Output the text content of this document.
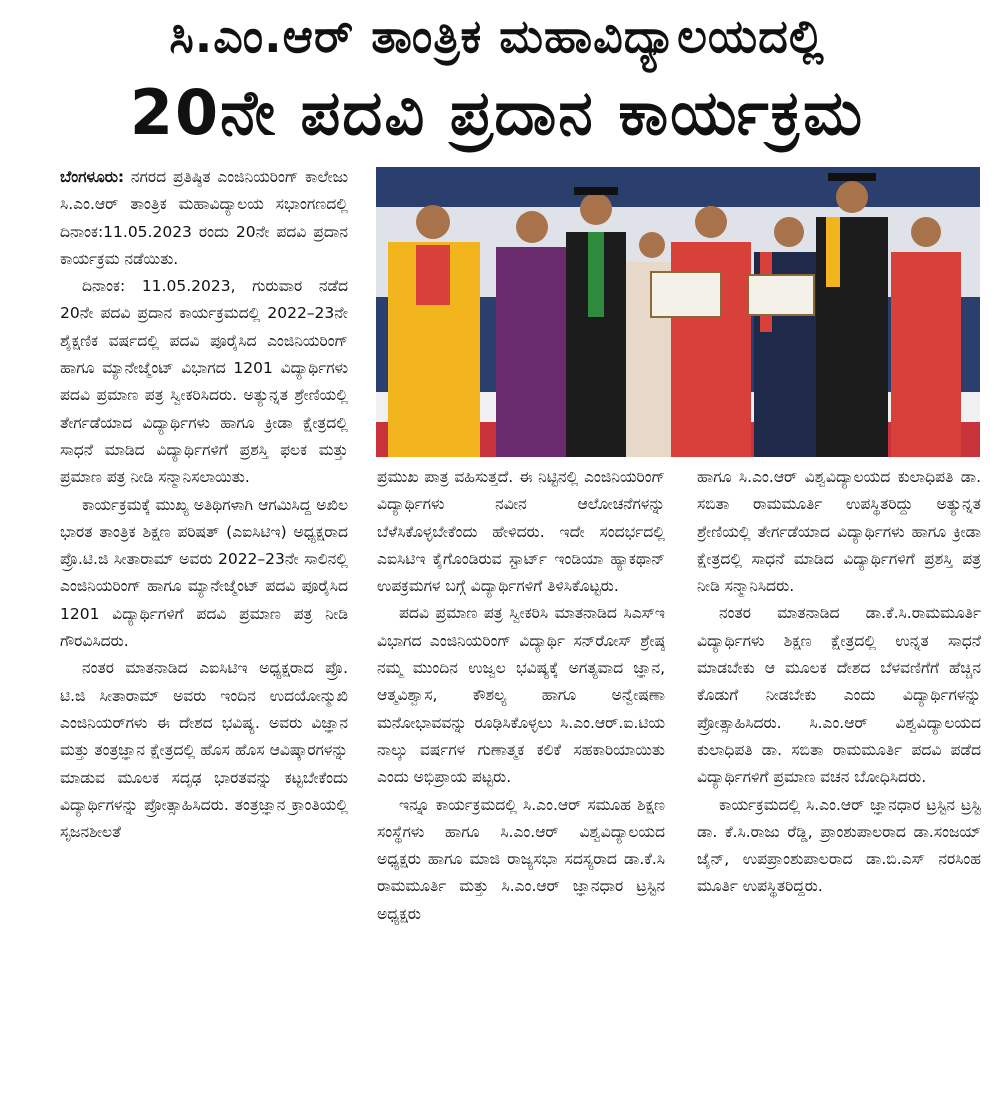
ಸಿ.ಎಂ.ಆರ್ ತಾಂತ್ರಿಕ ಮಹಾವಿದ್ಯಾಲಯದಲ್ಲಿ
20ನೇ ಪದವಿ ಪ್ರದಾನ ಕಾರ್ಯಕ್ರಮ

ಬೆಂಗಳೂರು: ನಗರದ ಪ್ರತಿಷ್ಠಿತ ಎಂಜಿನಿಯರಿಂಗ್ ಕಾಲೇಜು ಸಿ.ಎಂ.ಆರ್ ತಾಂತ್ರಿಕ ಮಹಾವಿದ್ಯಾಲಯ ಸಭಾಂಗಣದಲ್ಲಿ ದಿನಾಂಕ:11.05.2023 ರಂದು 20ನೇ ಪದವಿ ಪ್ರದಾನ ಕಾರ್ಯಕ್ರಮ ನಡೆಯಿತು.

ದಿನಾಂಕ: 11.05.2023, ಗುರುವಾರ ನಡೆದ 20ನೇ ಪದವಿ ಪ್ರದಾನ ಕಾರ್ಯಕ್ರಮದಲ್ಲಿ 2022–23ನೇ ಶೈಕ್ಷಣಿಕ ವರ್ಷದಲ್ಲಿ ಪದವಿ ಪೂರೈಸಿದ ಎಂಜಿನಿಯರಿಂಗ್ ಹಾಗೂ ಮ್ಯಾನೇಜ್ಮೆಂಟ್ ವಿಭಾಗದ 1201 ವಿದ್ಯಾರ್ಥಿಗಳು ಪದವಿ ಪ್ರಮಾಣ ಪತ್ರ ಸ್ವೀಕರಿಸಿದರು. ಅತ್ಯುನ್ನತ ಶ್ರೇಣಿಯಲ್ಲಿ ತೇರ್ಗಡೆಯಾದ ವಿದ್ಯಾರ್ಥಿಗಳು ಹಾಗೂ ಕ್ರೀಡಾ ಕ್ಷೇತ್ರದಲ್ಲಿ ಸಾಧನೆ ಮಾಡಿದ ವಿದ್ಯಾರ್ಥಿಗಳಿಗೆ ಪ್ರಶಸ್ತಿ ಫಲಕ ಮತ್ತು ಪ್ರಮಾಣ ಪತ್ರ ನೀಡಿ ಸನ್ಮಾನಿಸಲಾಯಿತು.

ಕಾರ್ಯಕ್ರಮಕ್ಕೆ ಮುಖ್ಯ ಅತಿಥಿಗಳಾಗಿ ಆಗಮಿಸಿದ್ದ ಅಖಿಲ ಭಾರತ ತಾಂತ್ರಿಕ ಶಿಕ್ಷಣ ಪರಿಷತ್ (ಎಐಸಿಟಿಇ) ಅಧ್ಯಕ್ಷರಾದ ಪ್ರೊ.ಟಿ.ಜಿ ಸೀತಾರಾಮ್ ಅವರು 2022–23ನೇ ಸಾಲಿನಲ್ಲಿ ಎಂಜಿನಿಯರಿಂಗ್ ಹಾಗೂ ಮ್ಯಾನೇಜ್ಮೆಂಟ್ ಪದವಿ ಪೂರೈಸಿದ 1201 ವಿದ್ಯಾರ್ಥಿಗಳಿಗೆ ಪದವಿ ಪ್ರಮಾಣ ಪತ್ರ ನೀಡಿ ಗೌರವಿಸಿದರು.

ನಂತರ ಮಾತನಾಡಿದ ಎಐಸಿಟಿಇ ಅಧ್ಯಕ್ಷರಾದ ಪ್ರೊ. ಟಿ.ಜಿ ಸೀತಾರಾಮ್ ಅವರು ಇಂದಿನ ಉದಯೋನ್ಮುಖಿ ಎಂಜಿನಿಯರ್‌ಗಳು ಈ ದೇಶದ ಭವಿಷ್ಯ. ಅವರು ವಿಜ್ಞಾನ ಮತ್ತು ತಂತ್ರಜ್ಞಾನ ಕ್ಷೇತ್ರದಲ್ಲಿ ಹೊಸ ಹೊಸ ಆವಿಷ್ಕಾರಗಳನ್ನು ಮಾಡುವ ಮೂಲಕ ಸದೃಢ ಭಾರತವನ್ನು ಕಟ್ಟಬೇಕೆಂದು ವಿದ್ಯಾರ್ಥಿಗಳನ್ನು ಪ್ರೋತ್ಸಾಹಿಸಿದರು. ತಂತ್ರಜ್ಞಾನ ಕ್ರಾಂತಿಯಲ್ಲಿ ಸೃಜನಶೀಲತೆ

ಪ್ರಮುಖ ಪಾತ್ರ ವಹಿಸುತ್ತದೆ. ಈ ನಿಟ್ಟಿನಲ್ಲಿ ಎಂಜಿನಿಯರಿಂಗ್ ವಿದ್ಯಾರ್ಥಿಗಳು ನವೀನ ಆಲೋಚನೆಗಳನ್ನು ಬೆಳೆಸಿಕೊಳ್ಳಬೇಕೆಂದು ಹೇಳಿದರು. ಇದೇ ಸಂದರ್ಭದಲ್ಲಿ ಎಐಸಿಟಿಇ ಕೈಗೊಂಡಿರುವ ಸ್ಟಾರ್ಟ್ ಇಂಡಿಯಾ ಹ್ಯಾಕಥಾನ್ ಉಪಕ್ರಮಗಳ ಬಗ್ಗೆ ವಿದ್ಯಾರ್ಥಿಗಳಿಗೆ ತಿಳಿಸಿಕೊಟ್ಟರು.

ಪದವಿ ಪ್ರಮಾಣ ಪತ್ರ ಸ್ವೀಕರಿಸಿ ಮಾತನಾಡಿದ ಸಿಎಸ್ಇ ವಿಭಾಗದ ಎಂಜಿನಿಯರಿಂಗ್ ವಿದ್ಯಾರ್ಥಿ ಸನ್‌ರೋಸ್ ಶ್ರೇಷ್ಠ ನಮ್ಮ ಮುಂದಿನ ಉಜ್ವಲ ಭವಿಷ್ಯಕ್ಕೆ ಅಗತ್ಯವಾದ ಜ್ಞಾನ, ಆತ್ಮವಿಶ್ವಾಸ, ಕೌಶಲ್ಯ ಹಾಗೂ ಅನ್ವೇಷಣಾ ಮನೋಭಾವವನ್ನು ರೂಢಿಸಿಕೊಳ್ಳಲು ಸಿ.ಎಂ.ಆರ್.ಐ.ಟಿಯ ನಾಲ್ಕು ವರ್ಷಗಳ ಗುಣಾತ್ಮಕ ಕಲಿಕೆ ಸಹಕಾರಿಯಾಯಿತು ಎಂದು ಅಭಿಪ್ರಾಯ ಪಟ್ಟರು.

ಇನ್ನೂ ಕಾರ್ಯಕ್ರಮದಲ್ಲಿ ಸಿ.ಎಂ.ಆರ್ ಸಮೂಹ ಶಿಕ್ಷಣ ಸಂಸ್ಥೆಗಳು ಹಾಗೂ ಸಿ.ಎಂ.ಆರ್ ವಿಶ್ವವಿದ್ಯಾಲಯದ ಅಧ್ಯಕ್ಷರು ಹಾಗೂ ಮಾಜಿ ರಾಜ್ಯಸಭಾ ಸದಸ್ಯರಾದ ಡಾ.ಕೆ.ಸಿ ರಾಮಮೂರ್ತಿ ಮತ್ತು ಸಿ.ಎಂ.ಆರ್ ಜ್ಞಾನಧಾರ ಟ್ರಸ್ಟಿನ ಅಧ್ಯಕ್ಷರು

ಹಾಗೂ ಸಿ.ಎಂ.ಆರ್ ವಿಶ್ವವಿದ್ಯಾಲಯದ ಕುಲಾಧಿಪತಿ ಡಾ. ಸಬಿತಾ ರಾಮಮೂರ್ತಿ ಉಪಸ್ಥಿತರಿದ್ದು ಅತ್ಯುನ್ನತ ಶ್ರೇಣಿಯಲ್ಲಿ ತೇರ್ಗಡೆಯಾದ ವಿದ್ಯಾರ್ಥಿಗಳು ಹಾಗೂ ಕ್ರೀಡಾ ಕ್ಷೇತ್ರದಲ್ಲಿ ಸಾಧನೆ ಮಾಡಿದ ವಿದ್ಯಾರ್ಥಿಗಳಿಗೆ ಪ್ರಶಸ್ತಿ ಪತ್ರ ನೀಡಿ ಸನ್ಮಾನಿಸಿದರು.

ನಂತರ ಮಾತನಾಡಿದ ಡಾ.ಕೆ.ಸಿ.ರಾಮಮೂರ್ತಿ ವಿದ್ಯಾರ್ಥಿಗಳು ಶಿಕ್ಷಣ ಕ್ಷೇತ್ರದಲ್ಲಿ ಉನ್ನತ ಸಾಧನೆ ಮಾಡಬೇಕು ಆ ಮೂಲಕ ದೇಶದ ಬೆಳವಣಿಗೆಗೆ ಹೆಚ್ಚಿನ ಕೊಡುಗೆ ನೀಡಬೇಕು ಎಂದು ವಿದ್ಯಾರ್ಥಿಗಳನ್ನು ಪ್ರೋತ್ಸಾಹಿಸಿದರು. ಸಿ.ಎಂ.ಆರ್ ವಿಶ್ವವಿದ್ಯಾಲಯದ ಕುಲಾಧಿಪತಿ ಡಾ. ಸಬಿತಾ ರಾಮಮೂರ್ತಿ ಪದವಿ ಪಡೆದ ವಿದ್ಯಾರ್ಥಿಗಳಿಗೆ ಪ್ರಮಾಣ ವಚನ ಬೋಧಿಸಿದರು.

ಕಾರ್ಯಕ್ರಮದಲ್ಲಿ ಸಿ.ಎಂ.ಆರ್ ಜ್ಞಾನಧಾರ ಟ್ರಸ್ಟಿನ ಟ್ರಸ್ಟಿ ಡಾ. ಕೆ.ಸಿ.ರಾಜು ರೆಡ್ಡಿ, ಪ್ರಾಂಶುಪಾಲರಾದ ಡಾ.ಸಂಜಯ್ ಜೈನ್, ಉಪಪ್ರಾಂಶುಪಾಲರಾದ ಡಾ.ಬಿ.ಎಸ್ ನರಸಿಂಹ ಮೂರ್ತಿ ಉಪಸ್ಥಿತರಿದ್ದರು.
